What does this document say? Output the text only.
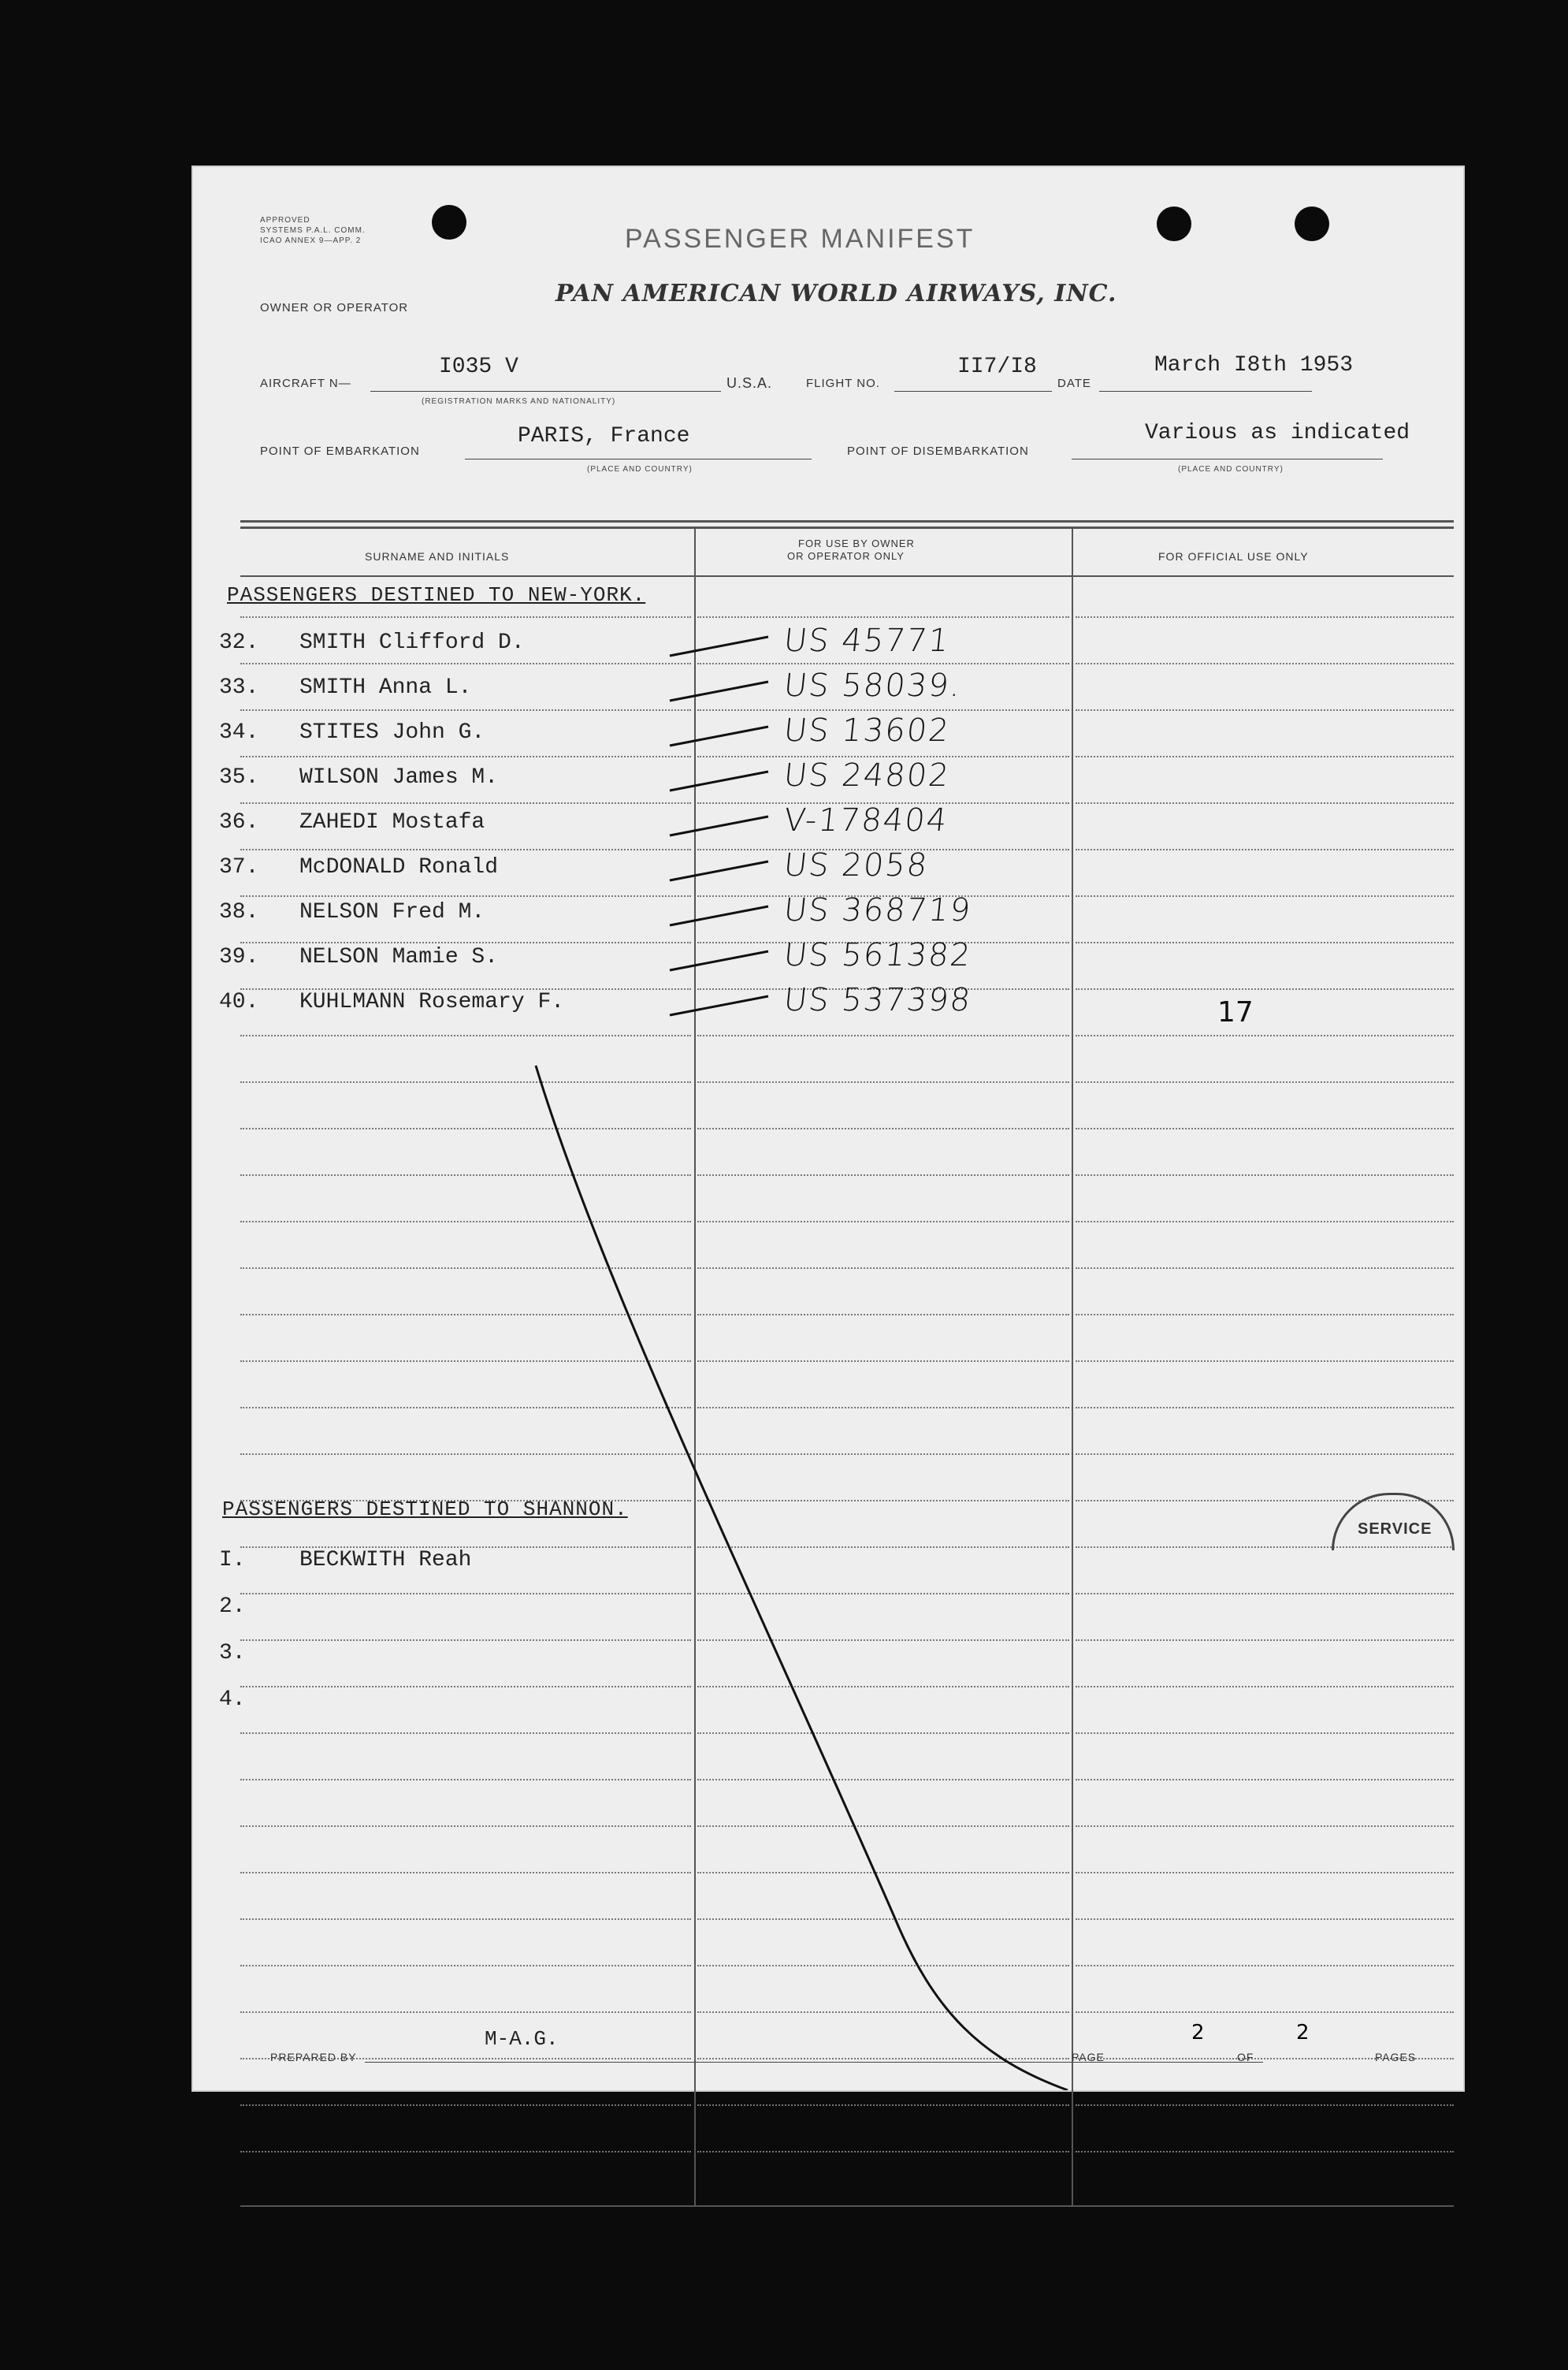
APPROVED
SYSTEMS P.A.L. COMM.
ICAO ANNEX 9—APP. 2	PASSENGER MANIFEST
PAN AMERICAN WORLD AIRWAYS, INC.
OWNER OR OPERATOR
AIRCRAFT N—
I035 V
(REGISTRATION MARKS AND NATIONALITY)
U.S.A.	FLIGHT NO.
II7/I8
DATE
March I8th 1953
POINT OF EMBARKATION
PARIS, France
(PLACE AND COUNTRY)
POINT OF DISEMBARKATION
Various as indicated
(PLACE AND COUNTRY)
SURNAME AND INITIALS
FOR USE BY OWNER
OR OPERATOR ONLY	FOR OFFICIAL USE ONLY
PASSENGERS DESTINED TO NEW-YORK.
32. SMITH Clifford D.	US 45771
33. SMITH Anna L.	US 58039.
34. STITES John G.	US 13602
35. WILSON James M.	US 24802
36. ZAHEDI Mostafa	V-178404
37. McDONALD Ronald	US 2058
38. NELSON Fred M.	US 368719
39. NELSON Mamie S.	US 561382
40. KUHLMANN Rosemary F.	US 537398	17
PASSENGERS DESTINED TO SHANNON.
I. BECKWITH Reah
2.
3.
4.
SERVICE
PREPARED BY
M-A.G.
PAGE
2
OF
2
PAGES
